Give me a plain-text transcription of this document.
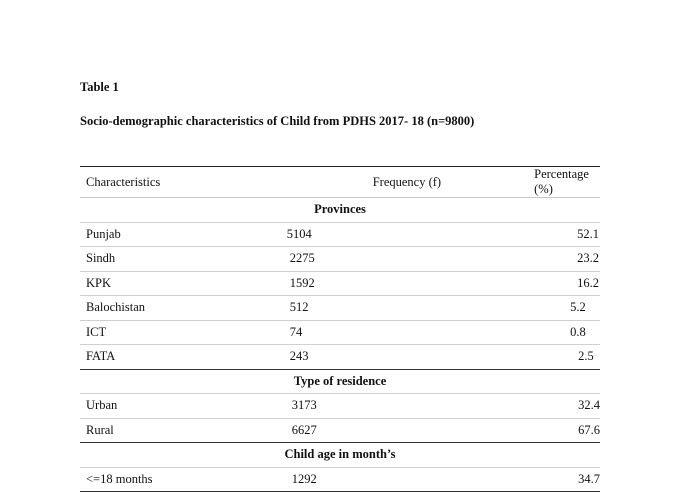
Table 1

Socio-demographic characteristics of Child from PDHS 2017- 18 (n=9800)

Characteristics	Frequency (f)	Percentage (%)
Provinces		
Punjab	5104	52.1
Sindh	2275	23.2
KPK	1592	16.2
Balochistan	512	5.2
ICT	74	0.8
FATA	243	2.5
Type of residence		
Urban	3173	32.4
Rural	6627	67.6
Child age in month’s		
<=18 months	1292	34.7
